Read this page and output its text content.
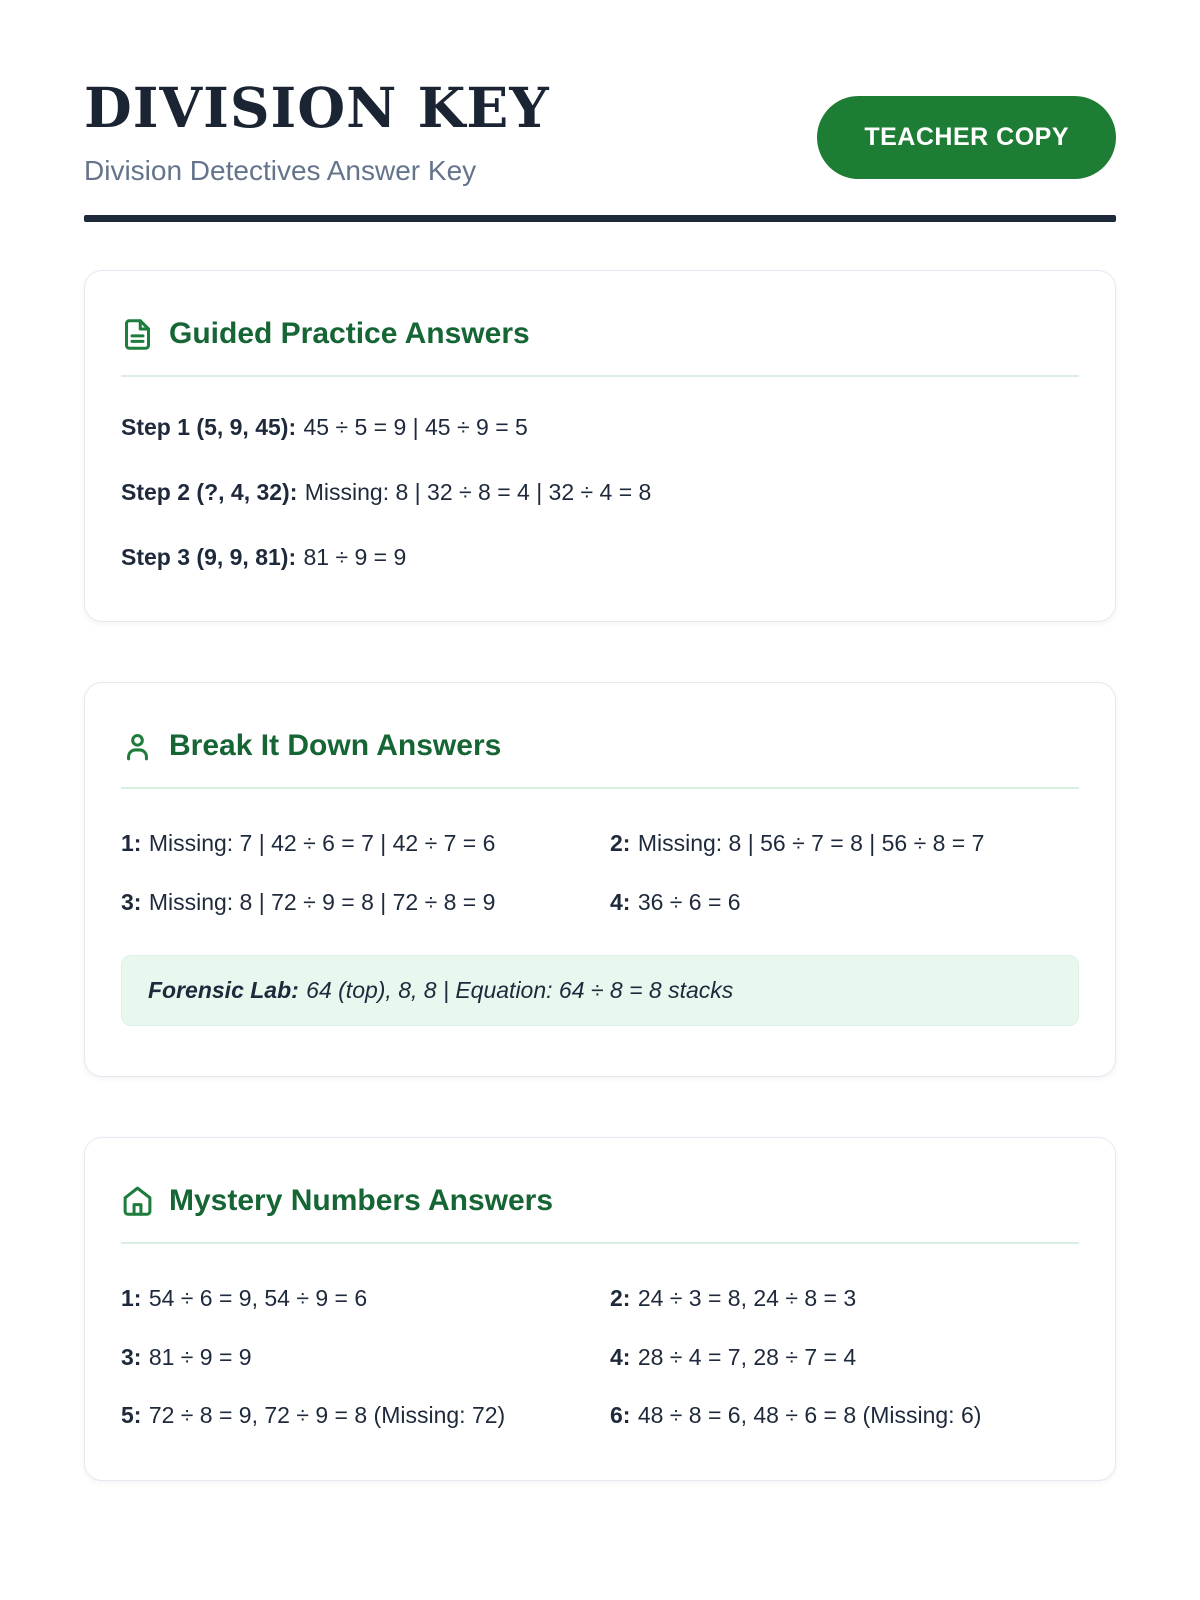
DIVISION KEY
Division Detectives Answer Key
TEACHER COPY
Guided Practice Answers
Step 1 (5, 9, 45): 45 ÷ 5 = 9 | 45 ÷ 9 = 5
Step 2 (?, 4, 32): Missing: 8 | 32 ÷ 8 = 4 | 32 ÷ 4 = 8
Step 3 (9, 9, 81): 81 ÷ 9 = 9
Break It Down Answers
1: Missing: 7 | 42 ÷ 6 = 7 | 42 ÷ 7 = 6	2: Missing: 8 | 56 ÷ 7 = 8 | 56 ÷ 8 = 7
3: Missing: 8 | 72 ÷ 9 = 8 | 72 ÷ 8 = 9	4: 36 ÷ 6 = 6
Forensic Lab: 64 (top), 8, 8 | Equation: 64 ÷ 8 = 8 stacks
Mystery Numbers Answers
1: 54 ÷ 6 = 9, 54 ÷ 9 = 6	2: 24 ÷ 3 = 8, 24 ÷ 8 = 3
3: 81 ÷ 9 = 9	4: 28 ÷ 4 = 7, 28 ÷ 7 = 4
5: 72 ÷ 8 = 9, 72 ÷ 9 = 8 (Missing: 72)	6: 48 ÷ 8 = 6, 48 ÷ 6 = 8 (Missing: 6)
